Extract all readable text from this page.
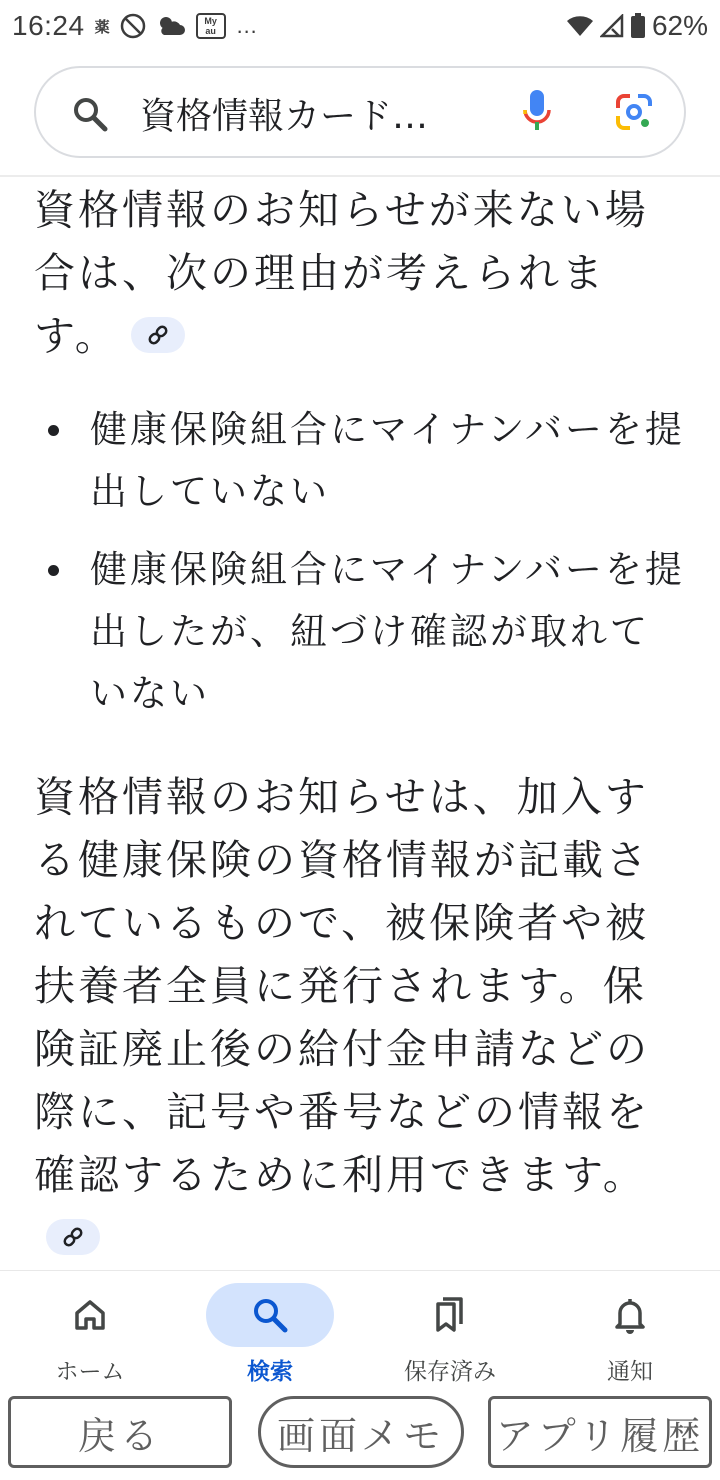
16:24 薬	My
au …	62%
資格情報カード…

資格情報のお知らせが来ない場合は、次の理由が考えられます。

健康保険組合にマイナンバーを提出していない
健康保険組合にマイナンバーを提出したが、紐づけ確認が取れていない

資格情報のお知らせは、加入する健康保険の資格情報が記載されているもので、被保険者や被扶養者全員に発行されます。保険証廃止後の給付金申請などの際に、記号や番号などの情報を確認するために利用できます。

ホーム	検索	保存済み	通知
戻る	画面メモ	アプリ履歴
